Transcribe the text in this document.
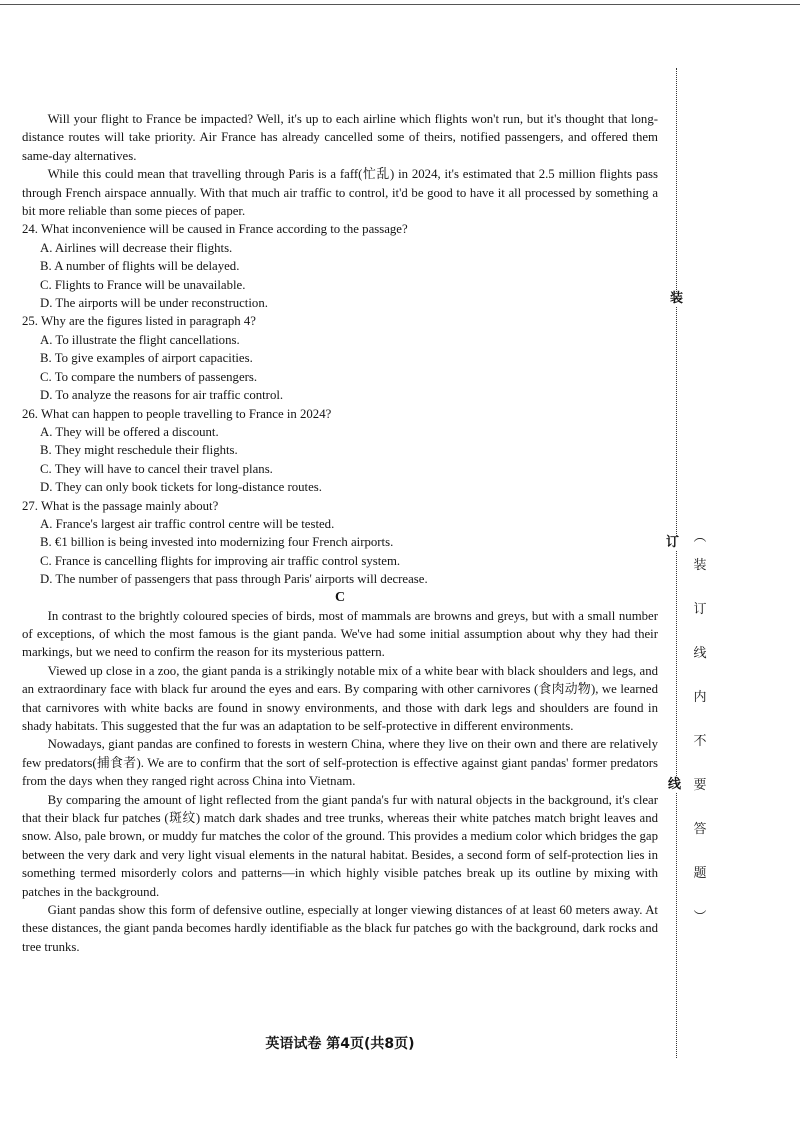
Will your flight to France be impacted? Well, it's up to each airline which flights won't run, but it's thought that long-distance routes will take priority. Air France has already cancelled some of theirs, notified passengers, and offered them same-day alternatives.

While this could mean that travelling through Paris is a faff(忙乱) in 2024, it's estimated that 2.5 million flights pass through French airspace annually. With that much air traffic to control, it'd be good to have it all processed by something a bit more reliable than some pieces of paper.

24. What inconvenience will be caused in France according to the passage?

A. Airlines will decrease their flights.

B. A number of flights will be delayed.

C. Flights to France will be unavailable.

D. The airports will be under reconstruction.

25. Why are the figures listed in paragraph 4?

A. To illustrate the flight cancellations.

B. To give examples of airport capacities.

C. To compare the numbers of passengers.

D. To analyze the reasons for air traffic control.

26. What can happen to people travelling to France in 2024?

A. They will be offered a discount.

B. They might reschedule their flights.

C. They will have to cancel their travel plans.

D. They can only book tickets for long-distance routes.

27. What is the passage mainly about?

A. France's largest air traffic control centre will be tested.

B. €1 billion is being invested into modernizing four French airports.

C. France is cancelling flights for improving air traffic control system.

D. The number of passengers that pass through Paris' airports will decrease.

C

In contrast to the brightly coloured species of birds, most of mammals are browns and greys, but with a small number of exceptions, of which the most famous is the giant panda. We've had some initial assumption about why they had their markings, but we need to confirm the reason for its mysterious pattern.

Viewed up close in a zoo, the giant panda is a strikingly notable mix of a white bear with black shoulders and legs, and an extraordinary face with black fur around the eyes and ears. By comparing with other carnivores (食肉动物), we learned that carnivores with white backs are found in snowy environments, and those with dark legs and shoulders are found in shady habitats. This suggested that the fur was an adaptation to be self-protective in different environments.

Nowadays, giant pandas are confined to forests in western China, where they live on their own and there are relatively few predators(捕食者). We are to confirm that the sort of self-protection is effective against giant pandas' former predators from the days when they ranged right across China into Vietnam.

By comparing the amount of light reflected from the giant panda's fur with natural objects in the background, it's clear that their black fur patches (斑纹) match dark shades and tree trunks, whereas their white patches match bright leaves and snow. Also, pale brown, or muddy fur matches the color of the ground. This provides a medium color which bridges the gap between the very dark and very light visual elements in the natural habitat. Besides, a second form of self-protection lies in something termed misorderly colors and patterns—in which highly visible patches break up its outline by mixing with patches in the background.

Giant pandas show this form of defensive outline, especially at longer viewing distances of at least 60 meters away. At these distances, the giant panda becomes hardly identifiable as the black fur patches go with the background, dark rocks and tree trunks.

英语试卷 第4页(共8页)
装
订
线
︵
装
订
线
内
不
要
答
题
︶
